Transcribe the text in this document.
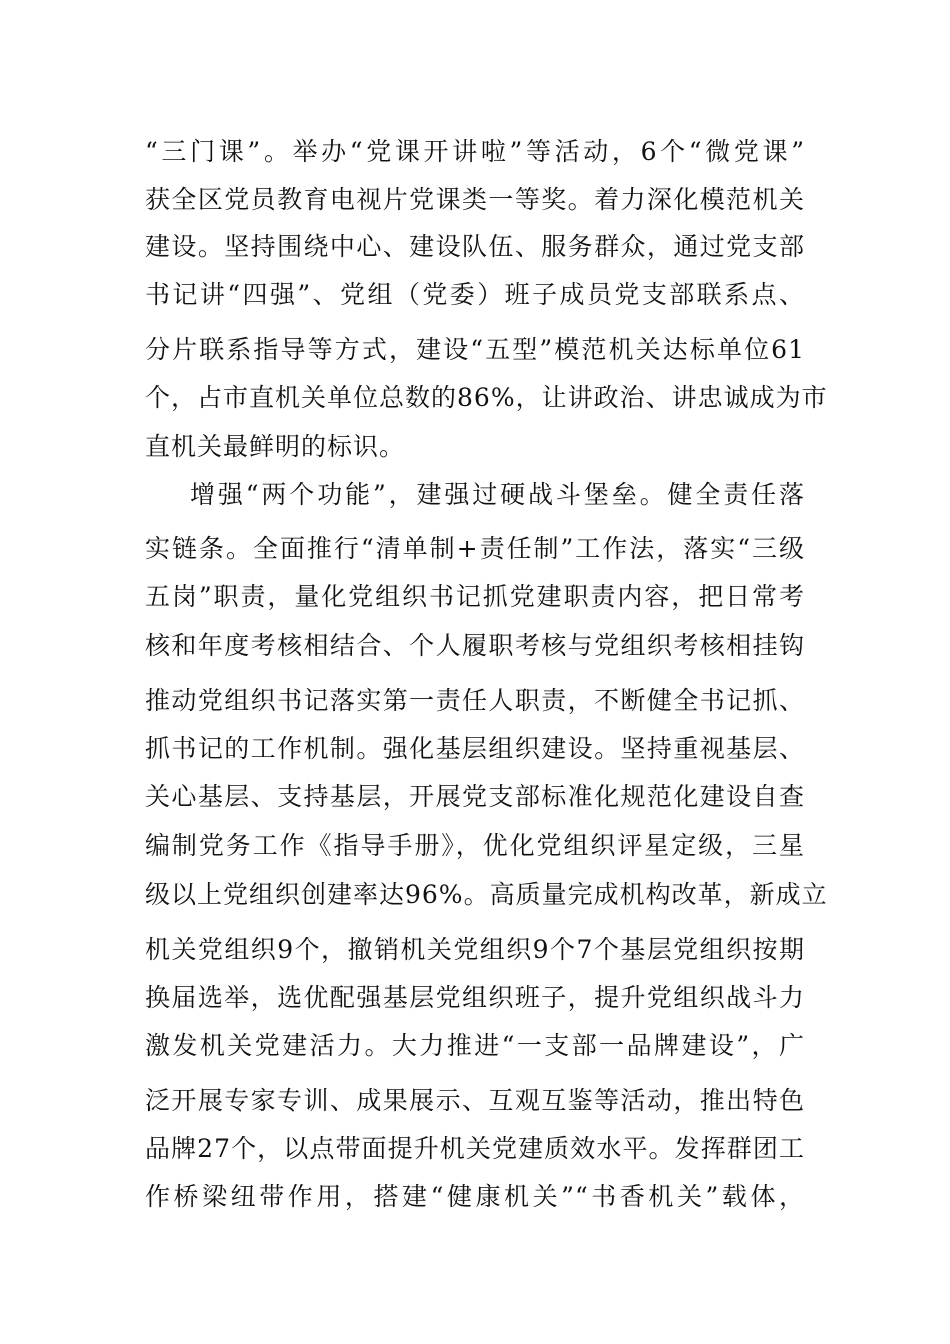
“三门课”。举办“党课开讲啦”等活动，6个“微党课”
获全区党员教育电视片党课类一等奖。着力深化模范机关
建设。坚持围绕中心、建设队伍、服务群众，通过党支部
书记讲“四强”、党组（党委）班子成员党支部联系点、
分片联系指导等方式，建设“五型”模范机关达标单位61
个，占市直机关单位总数的86%，让讲政治、讲忠诚成为市
直机关最鲜明的标识。
增强“两个功能”，建强过硬战斗堡垒。健全责任落
实链条。全面推行“清单制+责任制”工作法，落实“三级
五岗”职责，量化党组织书记抓党建职责内容，把日常考
核和年度考核相结合、个人履职考核与党组织考核相挂钩
推动党组织书记落实第一责任人职责，不断健全书记抓、
抓书记的工作机制。强化基层组织建设。坚持重视基层、
关心基层、支持基层，开展党支部标准化规范化建设自查
编制党务工作《指导手册》，优化党组织评星定级，三星
级以上党组织创建率达96%。高质量完成机构改革，新成立
机关党组织9个，撤销机关党组织9个7个基层党组织按期
换届选举，选优配强基层党组织班子，提升党组织战斗力
激发机关党建活力。大力推进“一支部一品牌建设”，广
泛开展专家专训、成果展示、互观互鉴等活动，推出特色
品牌27个，以点带面提升机关党建质效水平。发挥群团工
作桥梁纽带作用，搭建“健康机关”“书香机关”载体，
